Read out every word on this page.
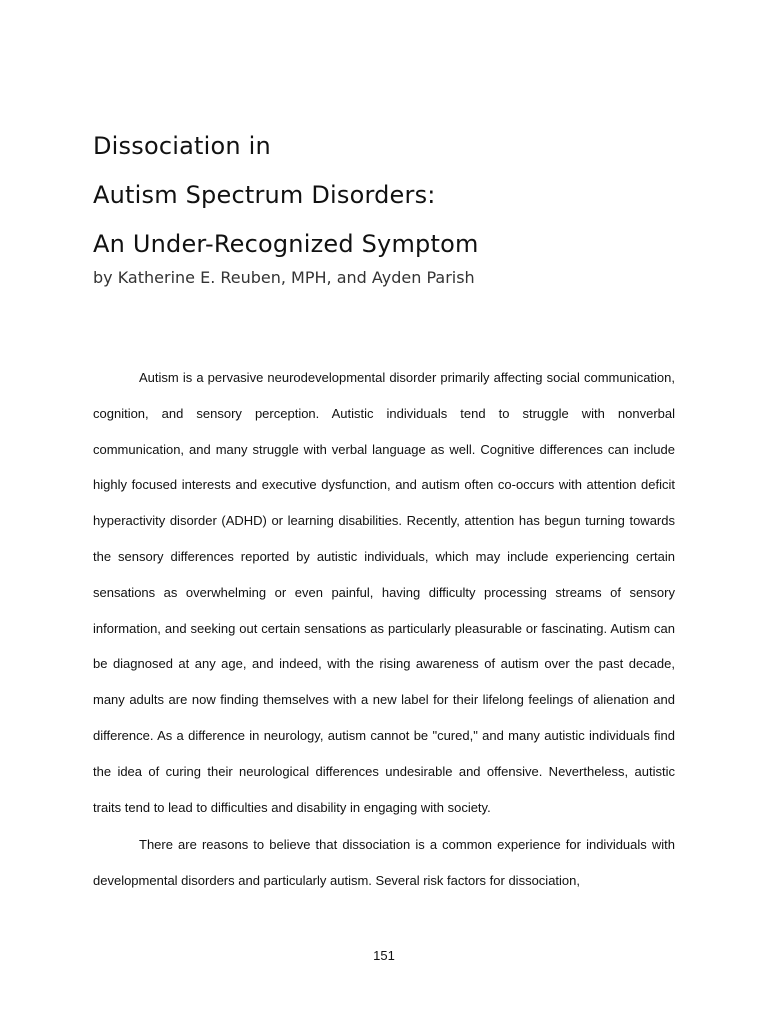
Dissociation in
Autism Spectrum Disorders:
An Under-Recognized Symptom

by Katherine E. Reuben, MPH, and Ayden Parish

Autism is a pervasive neurodevelopmental disorder primarily affecting social communication, cognition, and sensory perception. Autistic individuals tend to struggle with nonverbal communication, and many struggle with verbal language as well. Cognitive differences can include highly focused interests and executive dysfunction, and autism often co-occurs with attention deficit hyperactivity disorder (ADHD) or learning disabilities. Recently, attention has begun turning towards the sensory differences reported by autistic individuals, which may include experiencing certain sensations as overwhelming or even painful, having difficulty processing streams of sensory information, and seeking out certain sensations as particularly pleasurable or fascinating. Autism can be diagnosed at any age, and indeed, with the rising awareness of autism over the past decade, many adults are now finding themselves with a new label for their lifelong feelings of alienation and difference. As a difference in neurology, autism cannot be "cured," and many autistic individuals find the idea of curing their neurological differences undesirable and offensive. Nevertheless, autistic traits tend to lead to difficulties and disability in engaging with society.

There are reasons to believe that dissociation is a common experience for individuals with developmental disorders and particularly autism. Several risk factors for dissociation,

151
